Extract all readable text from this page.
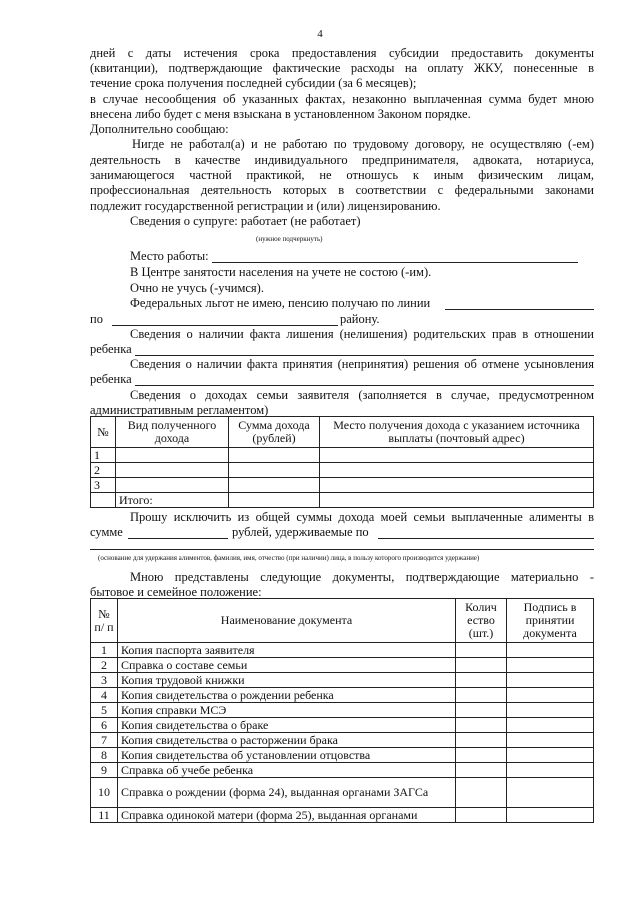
4
дней с даты истечения срока предоставления субсидии предоставить документы
(квитанции), подтверждающие фактические расходы на оплату ЖКУ, понесенные в
течение срока получения последней субсидии (за 6 месяцев);
в случае несообщения об указанных фактах, незаконно выплаченная сумма будет мною
внесена либо будет с меня взыскана в установленном Законом порядке.
Дополнительно сообщаю:
Нигде не работал(а) и не работаю по трудовому договору, не осуществляю (-ем)
деятельность в качестве индивидуального предпринимателя, адвоката, нотариуса,
занимающегося частной практикой, не отношусь к иным физическим лицам,
профессиональная деятельность которых в соответствии с федеральными законами
подлежит государственной регистрации и (или) лицензированию.
Сведения о супруге: работает (не работает)
(нужное подчеркнуть)
Место работы:
В Центре занятости населения на учете не состою (-им).
Очно не учусь (-учимся).
Федеральных льгот не имею, пенсию получаю по линии
по	району.
Сведения о наличии факта лишения (нелишения) родительских прав в отношении
ребенка
Сведения о наличии факта принятия (непринятия) решения об отмене усыновления
ребенка
Сведения о доходах семьи заявителя (заполняется в случае, предусмотренном
административным регламентом)
№	Вид полученного дохода	Сумма дохода (рублей)	Место получения дохода с указанием источника выплаты (почтовый адрес)
1			
2			
3			
	Итого:		
Прошу исключить из общей суммы дохода моей семьи выплаченные алименты в
сумме	рублей, удерживаемые по
(основание для удержания алиментов, фамилия, имя, отчество (при наличии) лица, в пользу которого производится удержание)
Мною представлены следующие документы, подтверждающие материально -
бытовое и семейное положение:
№ п/ п	Наименование документа	Колич ество (шт.)	Подпись в принятии документа
1	Копия паспорта заявителя		
2	Справка о составе семьи		
3	Копия трудовой книжки		
4	Копия свидетельства о рождении ребенка		
5	Копия справки МСЭ		
6	Копия свидетельства о браке		
7	Копия свидетельства о расторжении брака		
8	Копия свидетельства об установлении отцовства		
9	Справка об учебе ребенка		
10	Справка о рождении (форма 24), выданная органами ЗАГСа		
11	Справка одинокой матери (форма 25), выданная органами		
